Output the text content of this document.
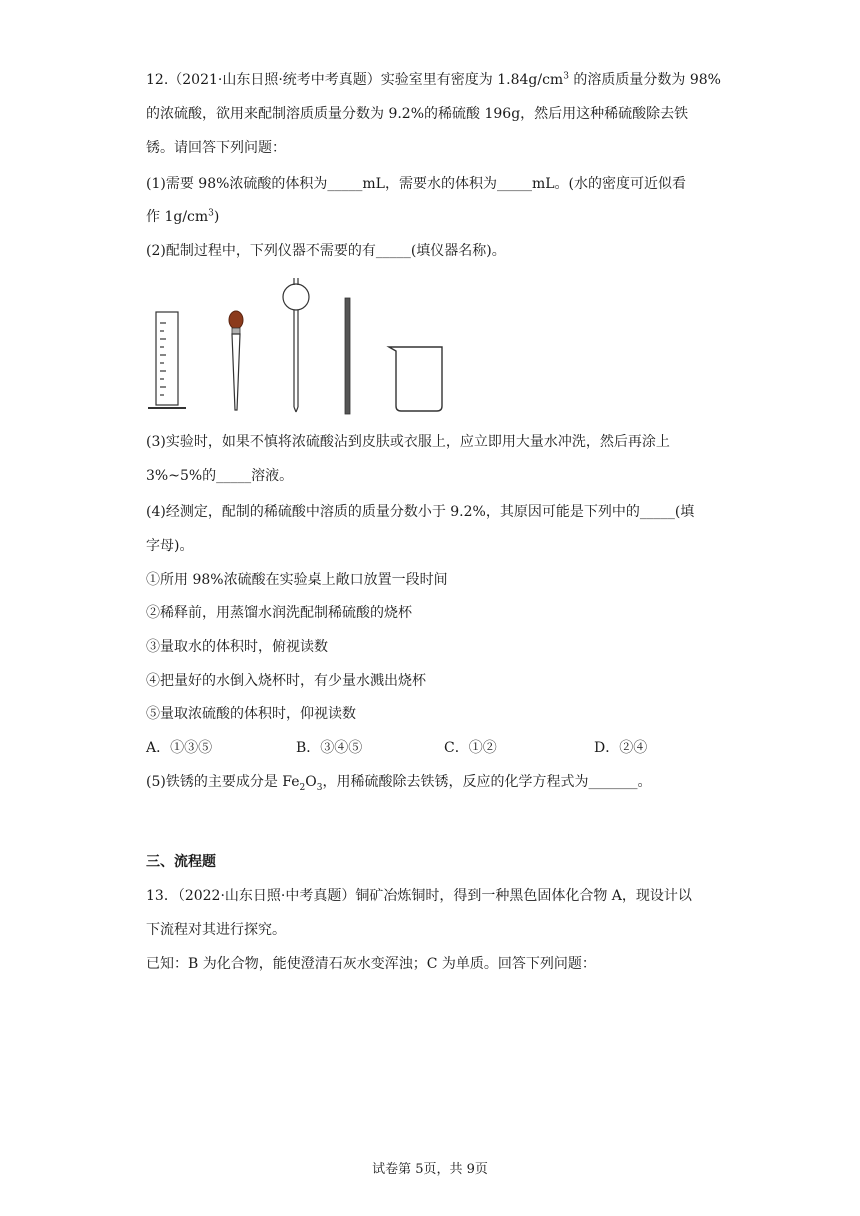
12.（2021·山东日照·统考中考真题）实验室里有密度为 $1.84g/cm^3$ 的溶质质量分数为 98%
的浓硫酸，欲用来配制溶质质量分数为 9.2%的稀硫酸 196g，然后用这种稀硫酸除去铁
锈。请回答下列问题：
(1)需要 98%浓硫酸的体积为_____mL，需要水的体积为_____mL。(水的密度可近似看
作 $1g/cm^3$)
(2)配制过程中，下列仪器不需要的有_____(填仪器名称)。
(3)实验时，如果不慎将浓硫酸沾到皮肤或衣服上，应立即用大量水冲洗，然后再涂上
3%~5%的_____溶液。
(4)经测定，配制的稀硫酸中溶质的质量分数小于 9.2%，其原因可能是下列中的_____(填
字母)。
①所用 98%浓硫酸在实验桌上敞口放置一段时间
②稀释前，用蒸馏水润洗配制稀硫酸的烧杯
③量取水的体积时，俯视读数
④把量好的水倒入烧杯时，有少量水溅出烧杯
⑤量取浓硫酸的体积时，仰视读数
A．①③⑤	B．③④⑤	C．①②	D．②④
(5)铁锈的主要成分是 $Fe_2O_3$，用稀硫酸除去铁锈，反应的化学方程式为_______。
三、流程题
13．（2022·山东日照·中考真题）铜矿冶炼铜时，得到一种黑色固体化合物 A，现设计以
下流程对其进行探究。
已知：B 为化合物，能使澄清石灰水变浑浊；C 为单质。回答下列问题：
试卷第 5页，共 9页
